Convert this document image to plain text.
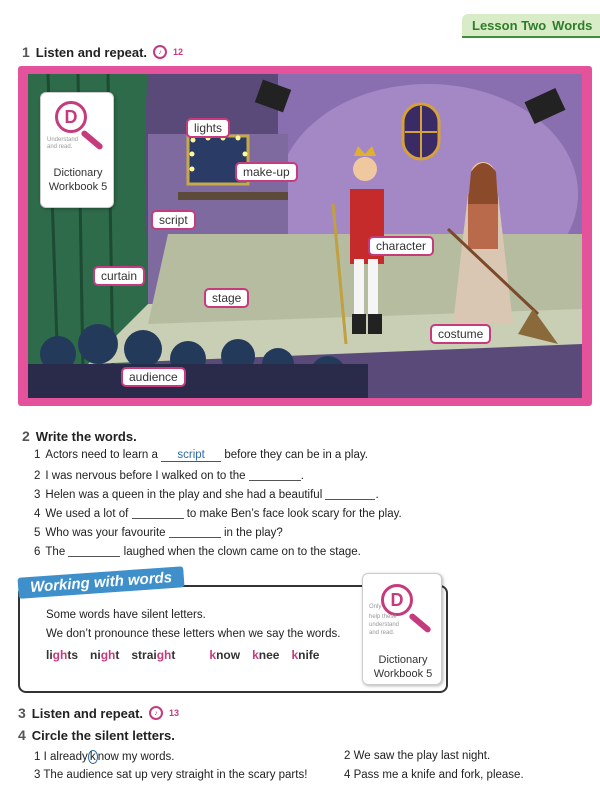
Lesson Two Words
1 Listen and repeat.	♪	12
D
Understand and read.
Dictionary
Workbook 5
lights
make-up
script
character
curtain
stage
costume
audience
2 Write the words.
1 Actors need to learn a script before they can be in a play.
2 I was nervous before I walked on to the	.
3 Helen was a queen in the play and she had a beautiful	.
4 We used a lot of	to make Ben’s face look scary for the play.
5 Who was your favourite	in the play?
6 The	laughed when the clown came on to the stage.
Working with words
Some words have silent letters.
We don’t pronounce these letters when we say the words.
lights night straight	know knee knife
D
Only
help these
understand
and read.
Dictionary
Workbook 5
3 Listen and repeat.	♪	13
4 Circle the silent letters.
1 I already k now my words.	2 We saw the play last night.
3 The audience sat up very straight in the scary parts!	4 Pass me a knife and fork, please.
